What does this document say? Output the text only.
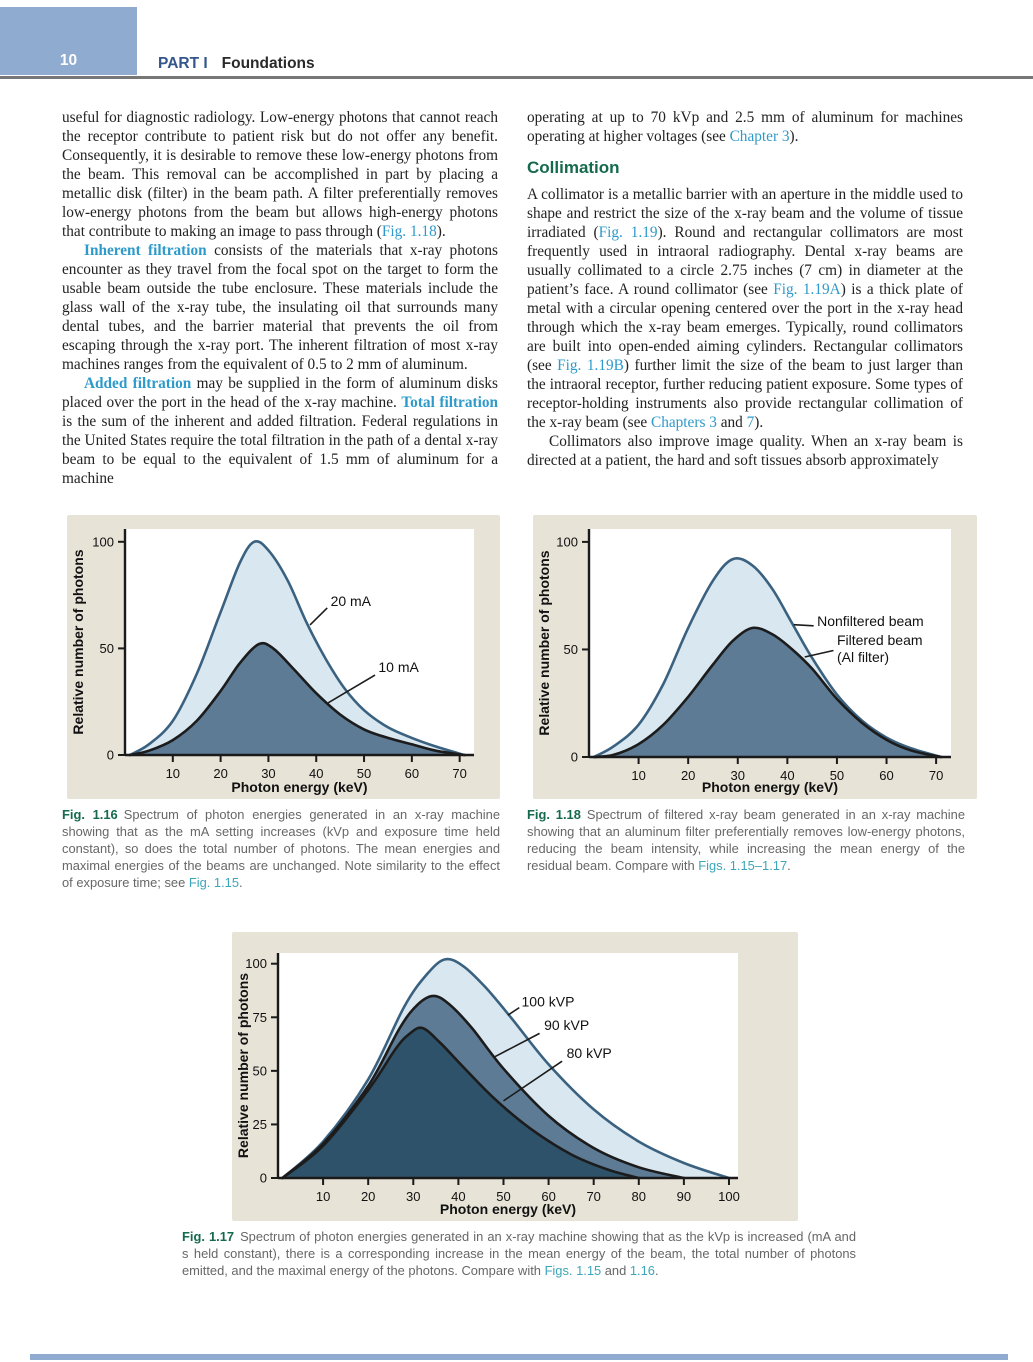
10	PART I Foundations

useful for diagnostic radiology. Low-energy photons that cannot reach the receptor contribute to patient risk but do not offer any benefit. Consequently, it is desirable to remove these low-energy photons from the beam. This removal can be accomplished in part by placing a metallic disk (filter) in the beam path. A filter preferentially removes low-energy photons from the beam but allows high-energy photons that contribute to making an image to pass through (Fig. 1.18).

Inherent filtration consists of the materials that x-ray photons encounter as they travel from the focal spot on the target to form the usable beam outside the tube enclosure. These materials include the glass wall of the x-ray tube, the insulating oil that surrounds many dental tubes, and the barrier material that prevents the oil from escaping through the x-ray port. The inherent filtration of most x-ray machines ranges from the equivalent of 0.5 to 2 mm of aluminum.

Added filtration may be supplied in the form of aluminum disks placed over the port in the head of the x-ray machine. Total filtration is the sum of the inherent and added filtration. Federal regulations in the United States require the total filtration in the path of a dental x-ray beam to be equal to the equivalent of 1.5 mm of aluminum for a machine

operating at up to 70 kVp and 2.5 mm of aluminum for machines operating at higher voltages (see Chapter 3).

Collimation

A collimator is a metallic barrier with an aperture in the middle used to shape and restrict the size of the x-ray beam and the volume of tissue irradiated (Fig. 1.19). Round and rectangular collimators are most frequently used in intraoral radiography. Dental x-ray beams are usually collimated to a circle 2.75 inches (7 cm) in diameter at the patient’s face. A round collimator (see Fig. 1.19A) is a thick plate of metal with a circular opening centered over the port in the x-ray head through which the x-ray beam emerges. Typically, round collimators are built into open-ended aiming cylinders. Rectangular collimators (see Fig. 1.19B) further limit the size of the beam to just larger than the intraoral receptor, further reducing patient exposure. Some types of receptor-holding instruments also provide rectangular collimation of the x-ray beam (see Chapters 3 and 7).

Collimators also improve image quality. When an x-ray beam is directed at a patient, the hard and soft tissues absorb approximately

0
50
100
10	20	30	40	50	60	70
Photon energy (keV)
Relative number of photons	20 mA
10 mA

Fig. 1.16 Spectrum of photon energies generated in an x-ray machine showing that as the mA setting increases (kVp and exposure time held constant), so does the total number of photons. The mean energies and maximal energies of the beams are unchanged. Note similarity to the effect of exposure time; see Fig. 1.15.

0
50
100
10	20	30	40	50	60	70
Photon energy (keV)
Relative number of photons	Nonfiltered beam
Filtered beam (Al filter)

Fig. 1.18 Spectrum of filtered x-ray beam generated in an x-ray machine showing that an aluminum filter preferentially removes low-energy photons, reducing the beam intensity, while increasing the mean energy of the residual beam. Compare with Figs. 1.15–1.17.

0
25
50
75
100
10 20 30 40 50 60 70 80 90 100
Photon energy (keV)
Relative number of photons	100 kVP
90 kVP
80 kVP

Fig. 1.17 Spectrum of photon energies generated in an x-ray machine showing that as the kVp is increased (mA and s held constant), there is a corresponding increase in the mean energy of the beam, the total number of photons emitted, and the maximal energy of the photons. Compare with Figs. 1.15 and 1.16.
